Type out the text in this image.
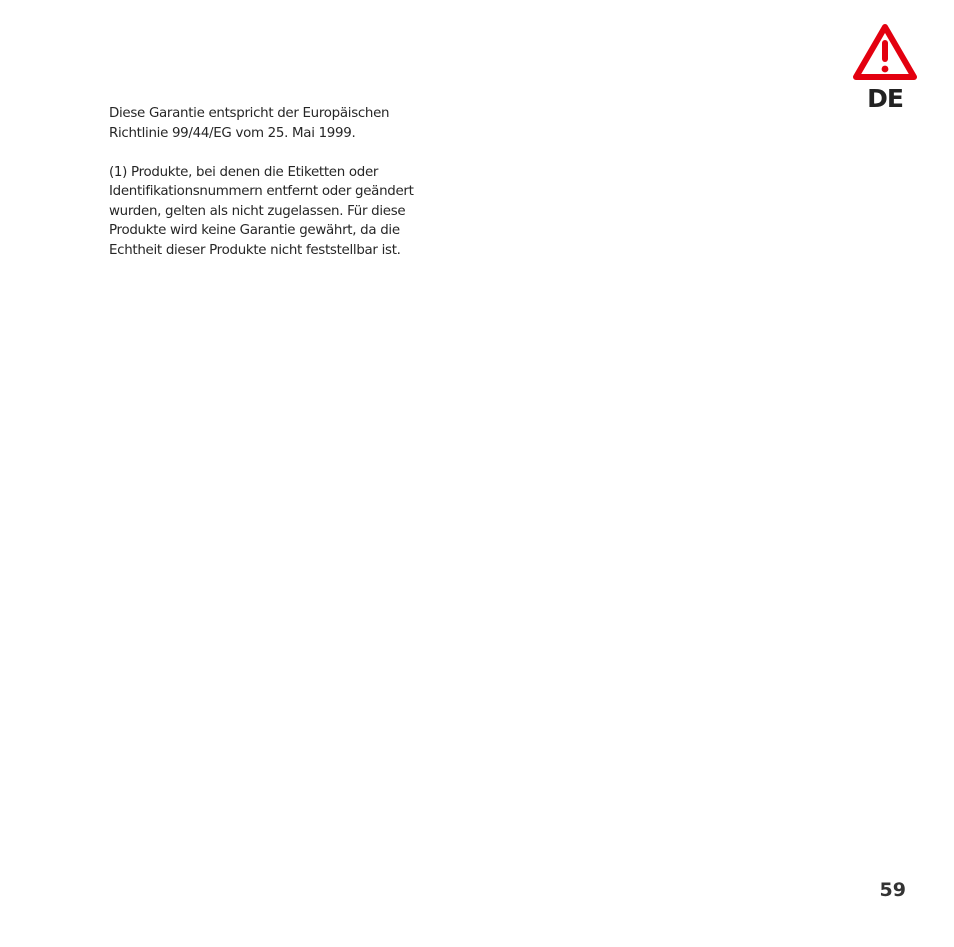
DE

Diese Garantie entspricht der Europäischen
Richtlinie 99/44/EG vom 25. Mai 1999.

(1) Produkte, bei denen die Etiketten oder
Identifikationsnummern entfernt oder geändert
wurden, gelten als nicht zugelassen. Für diese
Produkte wird keine Garantie gewährt, da die
Echtheit dieser Produkte nicht feststellbar ist.

59
